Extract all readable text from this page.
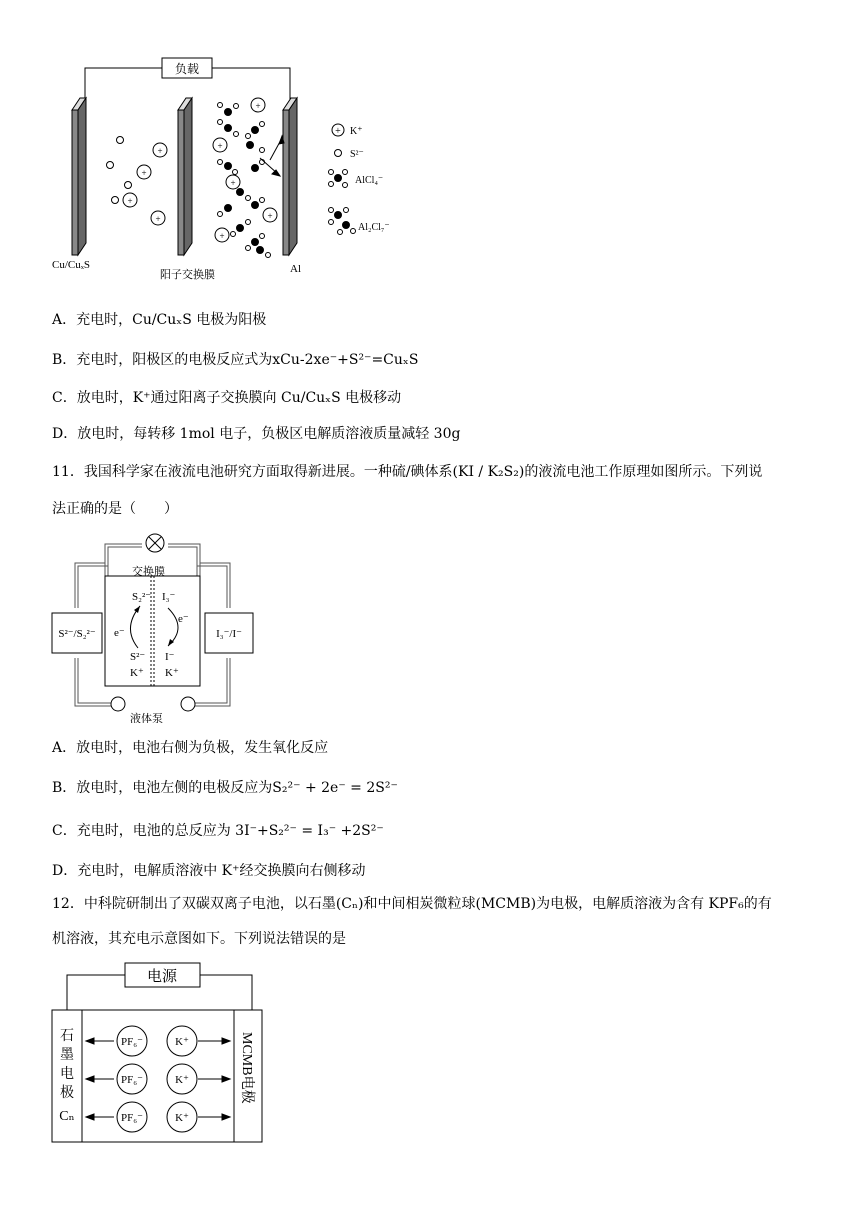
负载
+
+
+
+
+
+
+
+
+
+ K⁺
S²⁻
AlCl₄⁻
Al₂Cl₇⁻
Cu/CuₓS
阳子交换膜	Al
A．充电时，Cu/CuₓS 电极为阳极
B．充电时，阳极区的电极反应式为xCu-2xe⁻+S²⁻=CuₓS
C．放电时，K⁺通过阳离子交换膜向 Cu/CuₓS 电极移动
D．放电时，每转移 1mol 电子，负极区电解质溶液质量减轻 30g
11．我国科学家在液流电池研究方面取得新进展。一种硫/碘体系(KI / K₂S₂)的液流电池工作原理如图所示。下列说
法正确的是（　　）
交换膜
S²⁻/S₂²⁻	I₃⁻/I⁻
S₂²⁻
S²⁻
K⁺
I₃⁻
I⁻
K⁺
e⁻
e⁻
液体泵
A．放电时，电池右侧为负极，发生氧化反应
B．放电时，电池左侧的电极反应为S₂²⁻ + 2e⁻ = 2S²⁻
C．充电时，电池的总反应为 3I⁻+S₂²⁻ = I₃⁻ +2S²⁻
D．充电时，电解质溶液中 K⁺经交换膜向右侧移动
12．中科院研制出了双碳双离子电池，以石墨(Cₙ)和中间相炭微粒球(MCMB)为电极，电解质溶液为含有 KPF₆的有
机溶液，其充电示意图如下。下列说法错误的是
电源
石
墨
电
极
Cₙ
MCMB电极
PF₆⁻	K⁺
PF₆⁻	K⁺
PF₆⁻	K⁺
